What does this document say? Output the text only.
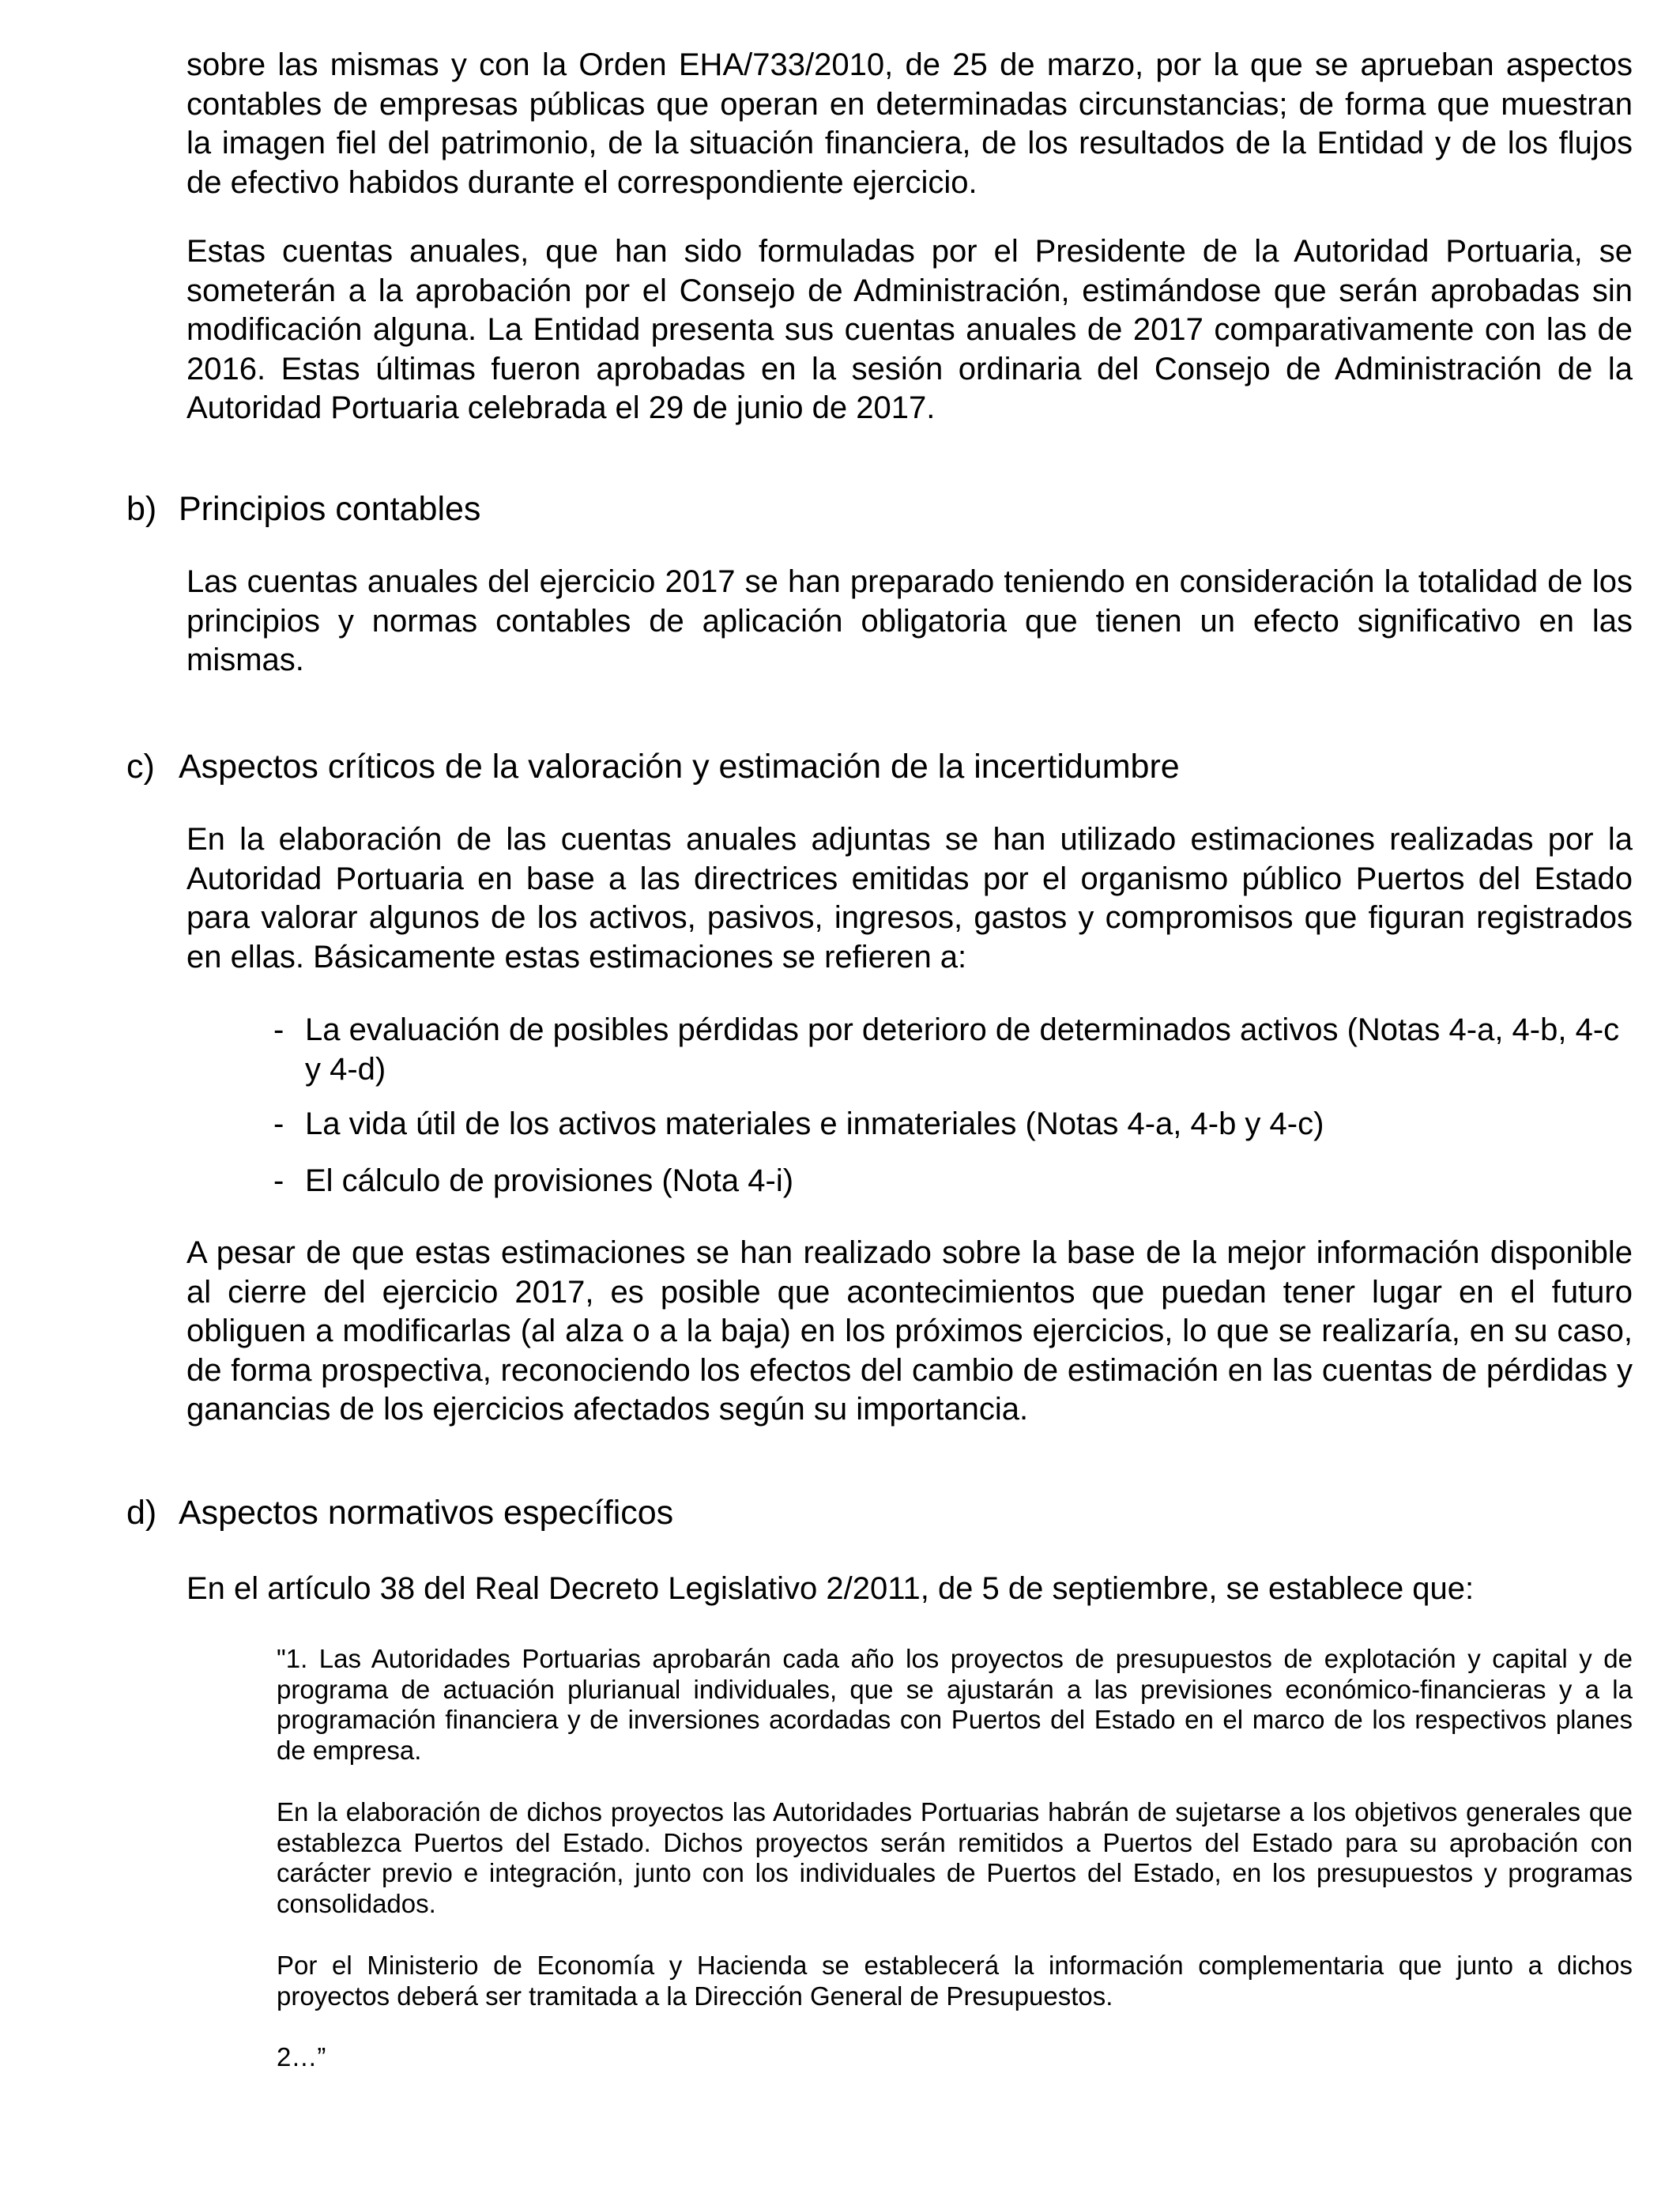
sobre las mismas y con la Orden EHA/733/2010, de 25 de marzo, por la que se aprueban aspectos contables de empresas públicas que operan en determinadas circunstancias; de forma que muestran la imagen fiel del patrimonio, de la situación financiera, de los resultados de la Entidad y de los flujos de efectivo habidos durante el correspondiente ejercicio.

Estas cuentas anuales, que han sido formuladas por el Presidente de la Autoridad Portuaria, se someterán a la aprobación por el Consejo de Administración, estimándose que serán aprobadas sin modificación alguna. La Entidad presenta sus cuentas anuales de 2017 comparativamente con las de 2016. Estas últimas fueron aprobadas en la sesión ordinaria del Consejo de Administración de la Autoridad Portuaria celebrada el 29 de junio de 2017.

b) Principios contables

Las cuentas anuales del ejercicio 2017 se han preparado teniendo en consideración la totalidad de los principios y normas contables de aplicación obligatoria que tienen un efecto significativo en las mismas.

c) Aspectos críticos de la valoración y estimación de la incertidumbre

En la elaboración de las cuentas anuales adjuntas se han utilizado estimaciones realizadas por la Autoridad Portuaria en base a las directrices emitidas por el organismo público Puertos del Estado para valorar algunos de los activos, pasivos, ingresos, gastos y compromisos que figuran registrados en ellas. Básicamente estas estimaciones se refieren a:

- La evaluación de posibles pérdidas por deterioro de determinados activos (Notas 4-a, 4-b, 4-c y 4-d)
- La vida útil de los activos materiales e inmateriales (Notas 4-a, 4-b y 4-c)
- El cálculo de provisiones (Nota 4-i)

A pesar de que estas estimaciones se han realizado sobre la base de la mejor información disponible al cierre del ejercicio 2017, es posible que acontecimientos que puedan tener lugar en el futuro obliguen a modificarlas (al alza o a la baja) en los próximos ejercicios, lo que se realizaría, en su caso, de forma prospectiva, reconociendo los efectos del cambio de estimación en las cuentas de pérdidas y ganancias de los ejercicios afectados según su importancia.

d) Aspectos normativos específicos

En el artículo 38 del Real Decreto Legislativo 2/2011, de 5 de septiembre, se establece que:

"1. Las Autoridades Portuarias aprobarán cada año los proyectos de presupuestos de explotación y capital y de programa de actuación plurianual individuales, que se ajustarán a las previsiones económico-financieras y a la programación financiera y de inversiones acordadas con Puertos del Estado en el marco de los respectivos planes de empresa.

En la elaboración de dichos proyectos las Autoridades Portuarias habrán de sujetarse a los objetivos generales que establezca Puertos del Estado. Dichos proyectos serán remitidos a Puertos del Estado para su aprobación con carácter previo e integración, junto con los individuales de Puertos del Estado, en los presupuestos y programas consolidados.

Por el Ministerio de Economía y Hacienda se establecerá la información complementaria que junto a dichos proyectos deberá ser tramitada a la Dirección General de Presupuestos.

2…”
